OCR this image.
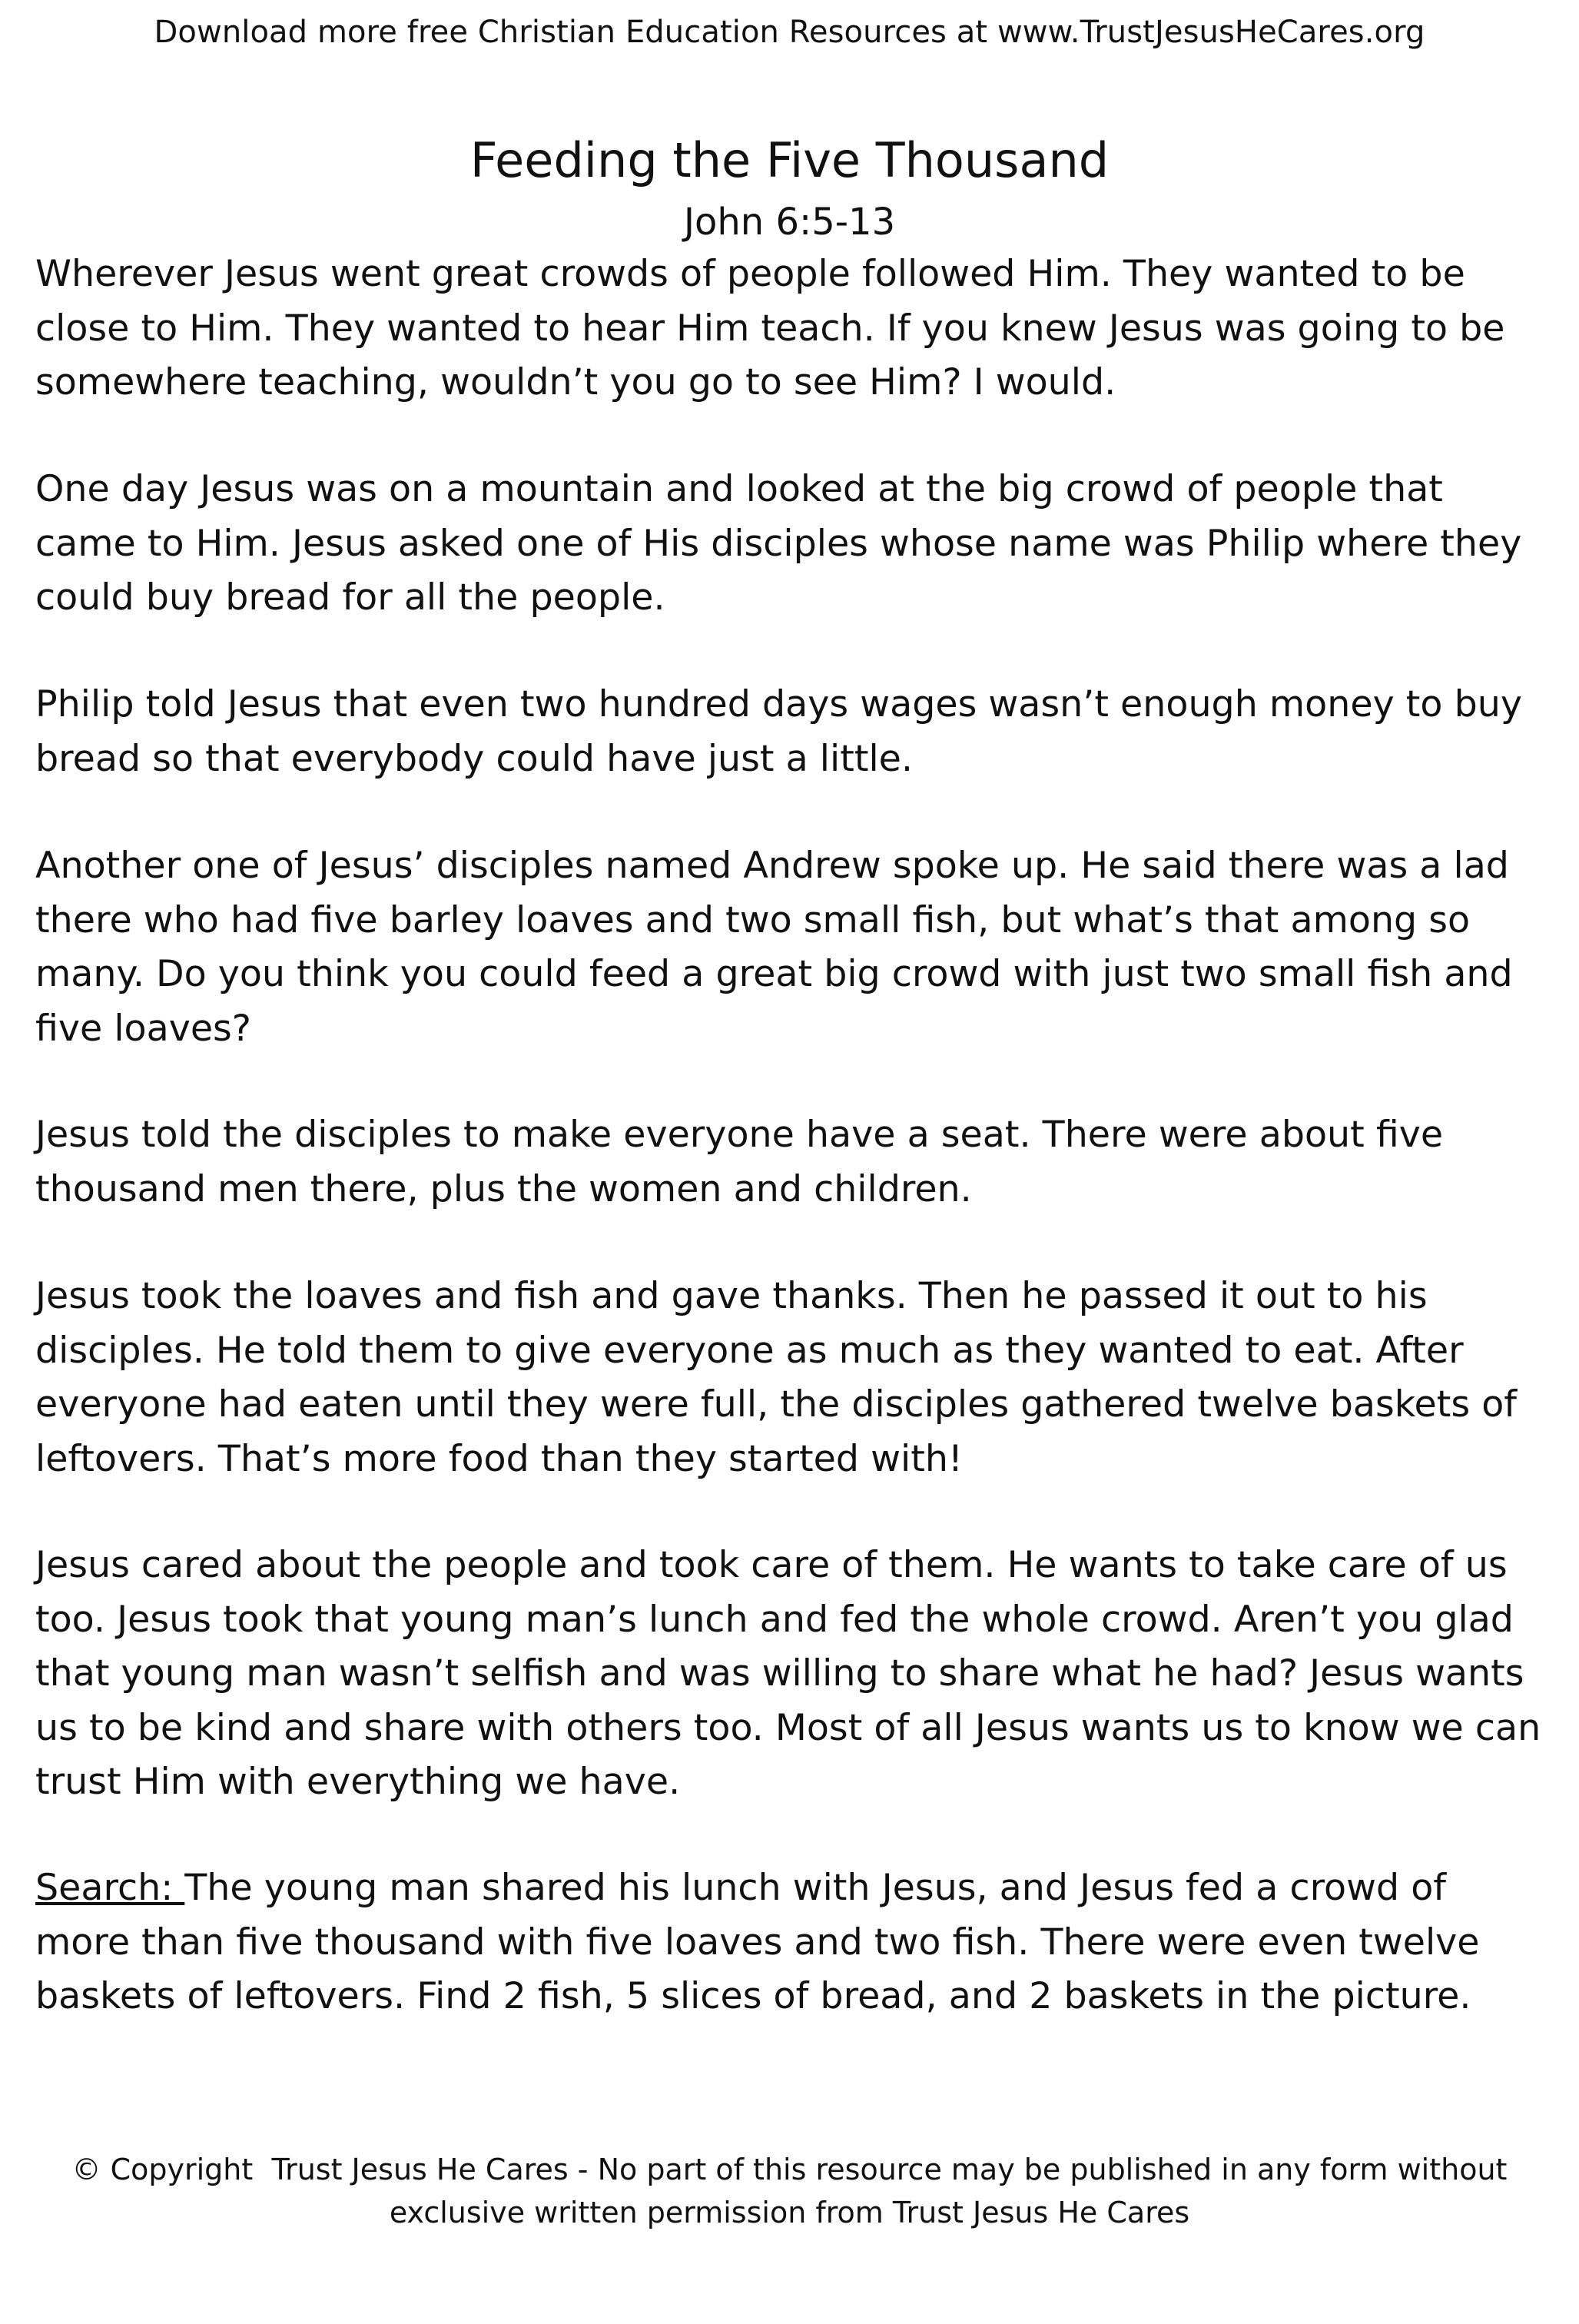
Download more free Christian Education Resources at www.TrustJesusHeCares.org
Feeding the Five Thousand
John 6:5-13

Wherever Jesus went great crowds of people followed Him. They wanted to be close to Him. They wanted to hear Him teach. If you knew Jesus was going to be somewhere teaching, wouldn’t you go to see Him? I would.

One day Jesus was on a mountain and looked at the big crowd of people that came to Him. Jesus asked one of His disciples whose name was Philip where they could buy bread for all the people.

Philip told Jesus that even two hundred days wages wasn’t enough money to buy bread so that everybody could have just a little.

Another one of Jesus’ disciples named Andrew spoke up. He said there was a lad there who had five barley loaves and two small fish, but what’s that among so many. Do you think you could feed a great big crowd with just two small fish and five loaves?

Jesus told the disciples to make everyone have a seat. There were about five thousand men there, plus the women and children.

Jesus took the loaves and fish and gave thanks. Then he passed it out to his disciples. He told them to give everyone as much as they wanted to eat. After everyone had eaten until they were full, the disciples gathered twelve baskets of leftovers. That’s more food than they started with!

Jesus cared about the people and took care of them. He wants to take care of us too. Jesus took that young man’s lunch and fed the whole crowd. Aren’t you glad that young man wasn’t selfish and was willing to share what he had? Jesus wants us to be kind and share with others too. Most of all Jesus wants us to know we can trust Him with everything we have.

Search: The young man shared his lunch with Jesus, and Jesus fed a crowd of more than five thousand with five loaves and two fish. There were even twelve baskets of leftovers. Find 2 fish, 5 slices of bread, and 2 baskets in the picture.

© Copyright  Trust Jesus He Cares - No part of this resource may be published in any form without
exclusive written permission from Trust Jesus He Cares
